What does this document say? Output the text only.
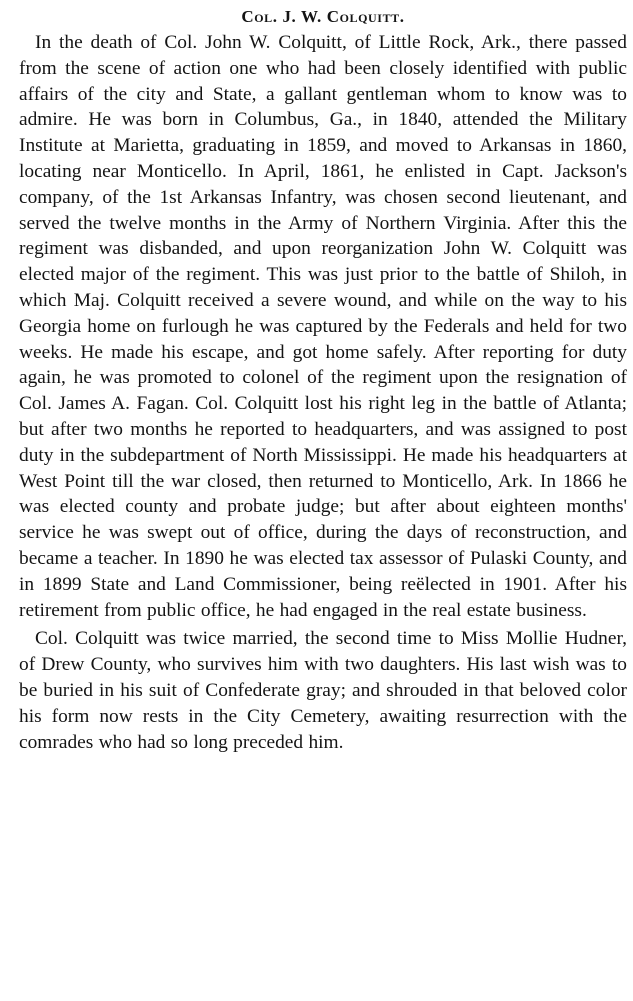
Col. J. W. Colquitt.

In the death of Col. John W. Colquitt, of Little Rock, Ark., there passed from the scene of action one who had been closely identified with public affairs of the city and State, a gallant gentleman whom to know was to admire. He was born in Columbus, Ga., in 1840, attended the Military Institute at Marietta, graduating in 1859, and moved to Arkansas in 1860, locating near Monticello. In April, 1861, he enlisted in Capt. Jackson's company, of the 1st Arkansas Infantry, was chosen second lieutenant, and served the twelve months in the Army of Northern Virginia. After this the regiment was disbanded, and upon reorganization John W. Colquitt was elected major of the regiment. This was just prior to the battle of Shiloh, in which Maj. Colquitt received a severe wound, and while on the way to his Georgia home on furlough he was captured by the Federals and held for two weeks. He made his escape, and got home safely. After reporting for duty again, he was promoted to colonel of the regiment upon the resignation of Col. James A. Fagan. Col. Colquitt lost his right leg in the battle of Atlanta; but after two months he reported to headquarters, and was assigned to post duty in the subdepartment of North Mississippi. He made his headquarters at West Point till the war closed, then returned to Monticello, Ark. In 1866 he was elected county and probate judge; but after about eighteen months' service he was swept out of office, during the days of reconstruction, and became a teacher. In 1890 he was elected tax assessor of Pulaski County, and in 1899 State and Land Commissioner, being reëlected in 1901. After his retirement from public office, he had engaged in the real estate business.

Col. Colquitt was twice married, the second time to Miss Mollie Hudner, of Drew County, who survives him with two daughters. His last wish was to be buried in his suit of Confederate gray; and shrouded in that beloved color his form now rests in the City Cemetery, awaiting resurrection with the comrades who had so long preceded him.
